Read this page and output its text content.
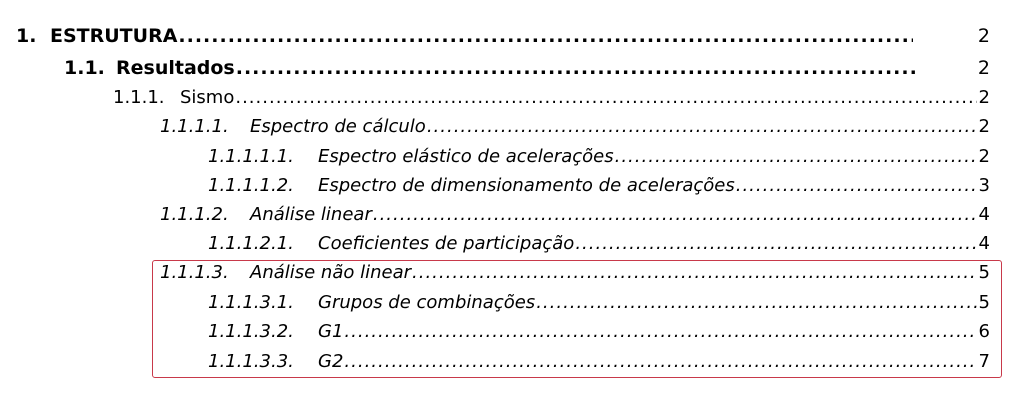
1. ESTRUTURA .....	2
1.1. Resultados .....	2
1.1.1. Sismo .....	2
1.1.1.1.	Espectro de cálculo .....	2
1.1.1.1.1.	Espectro elástico de acelerações .....	2
1.1.1.1.2.	Espectro de dimensionamento de acelerações .....	3
1.1.1.2.	Análise linear .....	4
1.1.1.2.1.	Coeficientes de participação .....	4
1.1.1.3.	Análise não linear .....	5
1.1.1.3.1.	Grupos de combinações .....	5
1.1.1.3.2.	G1 .....	6
1.1.1.3.3.	G2 .....	7
